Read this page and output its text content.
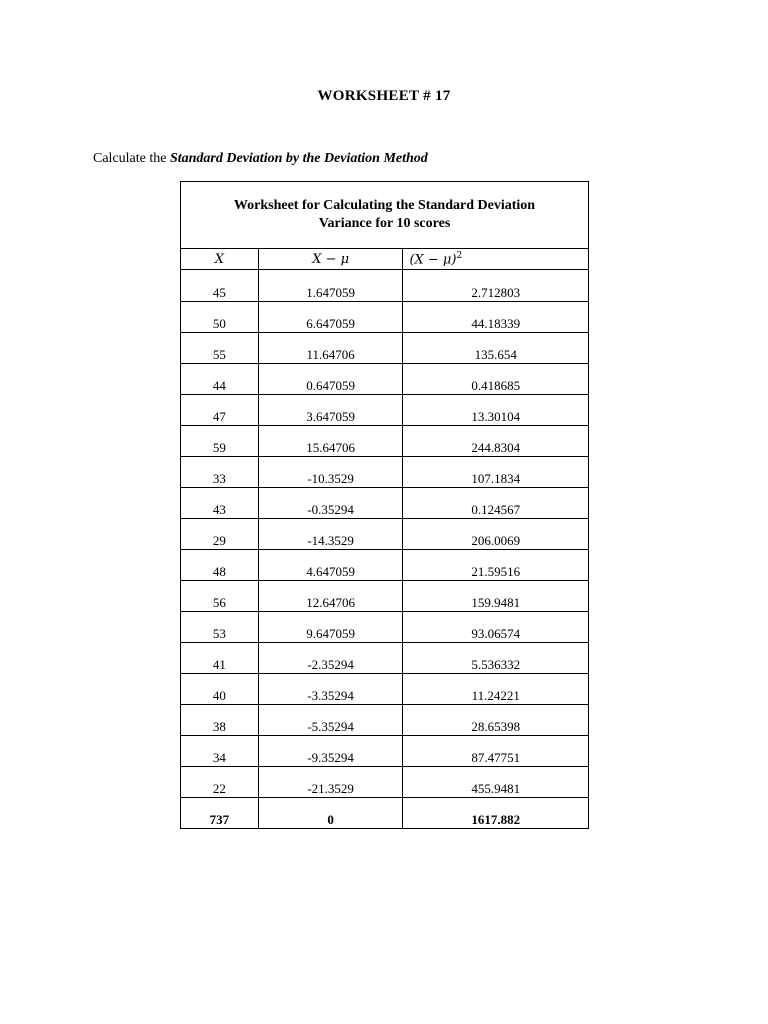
WORKSHEET # 17
Calculate the Standard Deviation by the Deviation Method
Worksheet for Calculating the Standard Deviation
Variance for 10 scores		

X	X − μ	$(X - \mu)^2$
45	1.647059	2.712803
50	6.647059	44.18339
55	11.64706	135.654
44	0.647059	0.418685
47	3.647059	13.30104
59	15.64706	244.8304
33	-10.3529	107.1834
43	-0.35294	0.124567
29	-14.3529	206.0069
48	4.647059	21.59516
56	12.64706	159.9481
53	9.647059	93.06574
41	-2.35294	5.536332
40	-3.35294	11.24221
38	-5.35294	28.65398
34	-9.35294	87.47751
22	-21.3529	455.9481
737	0	1617.882
